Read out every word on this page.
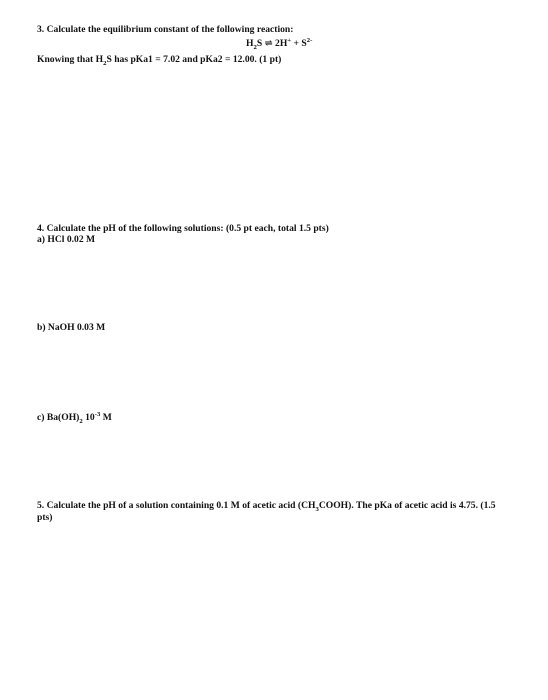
3. Calculate the equilibrium constant of the following reaction:
$H_2S$ ⇌ $2H^+ + S^{2-}$
Knowing that $H_2S$ has pKa1 = 7.02 and pKa2 = 12.00. (1 pt)
4. Calculate the pH of the following solutions: (0.5 pt each, total 1.5 pts)
a) HCl 0.02 M
b) NaOH 0.03 M
c) $Ba(OH)_2$ $10^{-3}$ M
5. Calculate the pH of a solution containing 0.1 M of acetic acid $(CH_3COOH)$. The pKa of acetic acid is 4.75. (1.5 pts)
